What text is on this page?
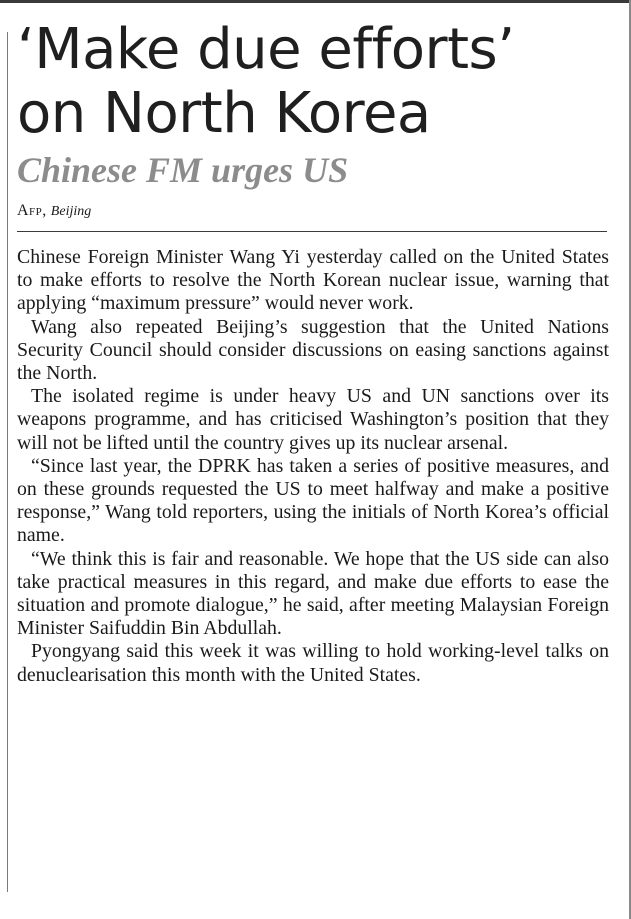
‘Make due efforts’
on North Korea
Chinese FM urges US
Afp, Beijing

Chinese Foreign Minister Wang Yi yesterday called on the United States to make efforts to resolve the North Korean nuclear issue, warning that applying “maximum pressure” would never work.

Wang also repeated Beijing’s suggestion that the United Nations Security Council should consider discussions on easing sanctions against the North.

The isolated regime is under heavy US and UN sanctions over its weapons programme, and has criticised Washington’s position that they will not be lifted until the country gives up its nuclear arsenal.

“Since last year, the DPRK has taken a series of positive measures, and on these grounds requested the US to meet halfway and make a positive response,” Wang told reporters, using the initials of North Korea’s official name.

“We think this is fair and reasonable. We hope that the US side can also take practical measures in this regard, and make due efforts to ease the situation and promote dialogue,” he said, after meeting Malaysian Foreign Minister Saifuddin Bin Abdullah.

Pyongyang said this week it was willing to hold working-level talks on denuclearisation this month with the United States.
